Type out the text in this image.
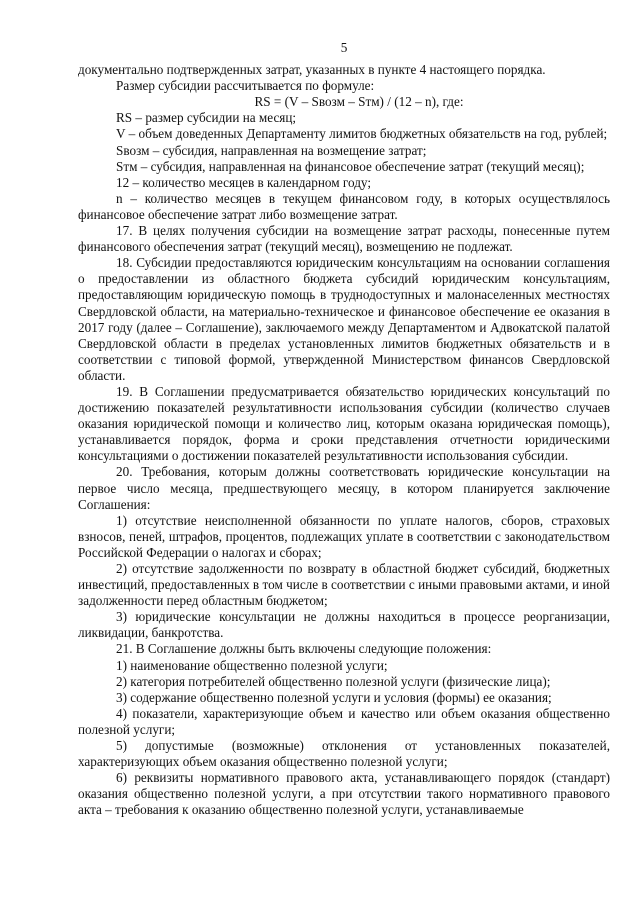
5

документально подтвержденных затрат, указанных в пункте 4 настоящего порядка.

Размер субсидии рассчитывается по формуле:

RS = (V – Sвозм – Sтм) / (12 – n), где:

RS – размер субсидии на месяц;

V – объем доведенных Департаменту лимитов бюджетных обязательств на год, рублей;

Sвозм – субсидия, направленная на возмещение затрат;

Sтм – субсидия, направленная на финансовое обеспечение затрат (текущий месяц);

12 – количество месяцев в календарном году;

n – количество месяцев в текущем финансовом году, в которых осуществлялось финансовое обеспечение затрат либо возмещение затрат.

17. В целях получения субсидии на возмещение затрат расходы, понесенные путем финансового обеспечения затрат (текущий месяц), возмещению не подлежат.

18. Субсидии предоставляются юридическим консультациям на основании соглашения о предоставлении из областного бюджета субсидий юридическим консультациям, предоставляющим юридическую помощь в труднодоступных и малонаселенных местностях Свердловской области, на материально-техническое и финансовое обеспечение ее оказания в 2017 году (далее – Соглашение), заключаемого между Департаментом и Адвокатской палатой Свердловской области в пределах установленных лимитов бюджетных обязательств и в соответствии с типовой формой, утвержденной Министерством финансов Свердловской области.

19. В Соглашении предусматривается обязательство юридических консультаций по достижению показателей результативности использования субсидии (количество случаев оказания юридической помощи и количество лиц, которым оказана юридическая помощь), устанавливается порядок, форма и сроки представления отчетности юридическими консультациями о достижении показателей результативности использования субсидии.

20. Требования, которым должны соответствовать юридические консультации на первое число месяца, предшествующего месяцу, в котором планируется заключение Соглашения:

1) отсутствие неисполненной обязанности по уплате налогов, сборов, страховых взносов, пеней, штрафов, процентов, подлежащих уплате в соответствии с законодательством Российской Федерации о налогах и сборах;

2) отсутствие задолженности по возврату в областной бюджет субсидий, бюджетных инвестиций, предоставленных в том числе в соответствии с иными правовыми актами, и иной задолженности перед областным бюджетом;

3) юридические консультации не должны находиться в процессе реорганизации, ликвидации, банкротства.

21. В Соглашение должны быть включены следующие положения:

1) наименование общественно полезной услуги;

2) категория потребителей общественно полезной услуги (физические лица);

3) содержание общественно полезной услуги и условия (формы) ее оказания;

4) показатели, характеризующие объем и качество или объем оказания общественно полезной услуги;

5) допустимые (возможные) отклонения от установленных показателей, характеризующих объем оказания общественно полезной услуги;

6) реквизиты нормативного правового акта, устанавливающего порядок (стандарт) оказания общественно полезной услуги, а при отсутствии такого нормативного правового акта – требования к оказанию общественно полезной услуги, устанавливаемые
